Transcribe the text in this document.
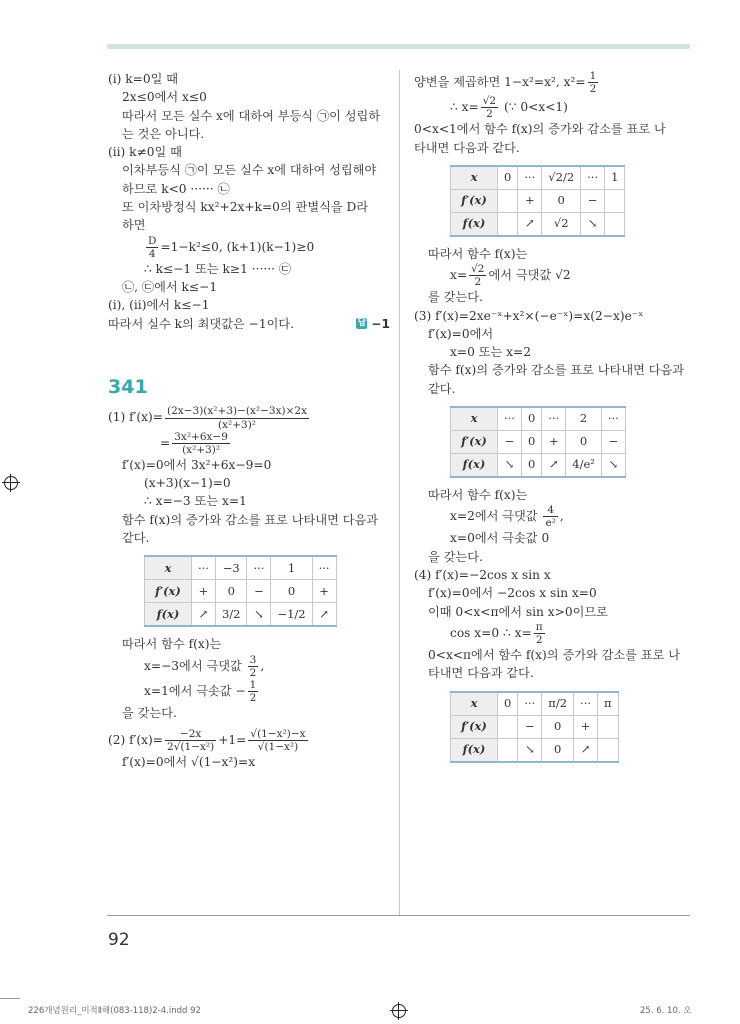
(ⅰ) k=0일 때

2x≤0에서 x≤0

따라서 모든 실수 x에 대하여 부등식 ㉠이 성립하

는 것은 아니다.

(ⅱ) k≠0일 때

이차부등식 ㉠이 모든 실수 x에 대하여 성립해야

하므로 k<0 ······ ㉡

또 이차방정식 kx²+2x+k=0의 판별식을 D라

하면

$\frac{D}{4} =1-k^2\le 0$, (k+1)(k−1)≥0

∴ k≤−1 또는 k≥1 ······ ㉢

㉡, ㉢에서 k≤−1

(ⅰ), (ⅱ)에서 k≤−1

따라서 실수 k의 최댓값은 −1이다.	답 −1

341

(1) $f'(x)= \frac{\text{(2x−3)(x²+3)−(x²−3x)×2x}}{\text{(x²+3)²}}$

= $\frac{\text{3x²+6x−9}}{\text{(x²+3)²}}$

f′(x)=0에서 3x²+6x−9=0

(x+3)(x−1)=0

∴ x=−3 또는 x=1

함수 f(x)의 증가와 감소를 표로 나타내면 다음과

같다.

x	···	−3	···	1	···
f′(x)	+	0	−	0	+
f(x)	↗	3/2	↘	−1/2	↗

따라서 함수 f(x)는

x=−3에서 극댓값 $\frac{3}{2}$ ,

x=1에서 극솟값 − $\frac{1}{2}$

을 갖는다.

(2) $f'(x)= \frac{-2x}{\text{2√(1−x²)}} +1= \frac{\text{√(1−x²)−x}}{\text{√(1−x²)}}$

f′(x)=0에서 √(1−x²)=x

양변을 제곱하면 1−x²=x², $x^2= \frac{1}{2}$

∴ $x= \frac{√2}{2}$ (∵ 0<x<1)

0<x<1에서 함수 f(x)의 증가와 감소를 표로 나

타내면 다음과 같다.

x	0	···	√2/2	···	1
f′(x)		+	0	−	
f(x)		↗	√2	↘	

따라서 함수 f(x)는

$x= \frac{√2}{2}$ 에서 극댓값 √2

를 갖는다.

(3) f′(x)=2xe⁻ˣ+x²×(−e⁻ˣ)=x(2−x)e⁻ˣ

f′(x)=0에서

x=0 또는 x=2

함수 f(x)의 증가와 감소를 표로 나타내면 다음과

같다.

x	···	0	···	2	···
f′(x)	−	0	+	0	−
f(x)	↘	0	↗	4/e²	↘

따라서 함수 f(x)는

x=2에서 극댓값 $\frac{4}{\text{e²}}$ ,

x=0에서 극솟값 0

을 갖는다.

(4) f′(x)=−2cos x sin x

f′(x)=0에서 −2cos x sin x=0

이때 0<x<π에서 sin x>0이므로

cos x=0 ∴ $x= \frac{\pi}{2}$

0<x<π에서 함수 f(x)의 증가와 감소를 표로 나

타내면 다음과 같다.

x	0	···	π/2	···	π
f′(x)		−	0	+	
f(x)		↘	0	↗	
92
226개념원리_미적Ⅱ해(083-118)2-4.indd 92	25. 6. 10. 오
